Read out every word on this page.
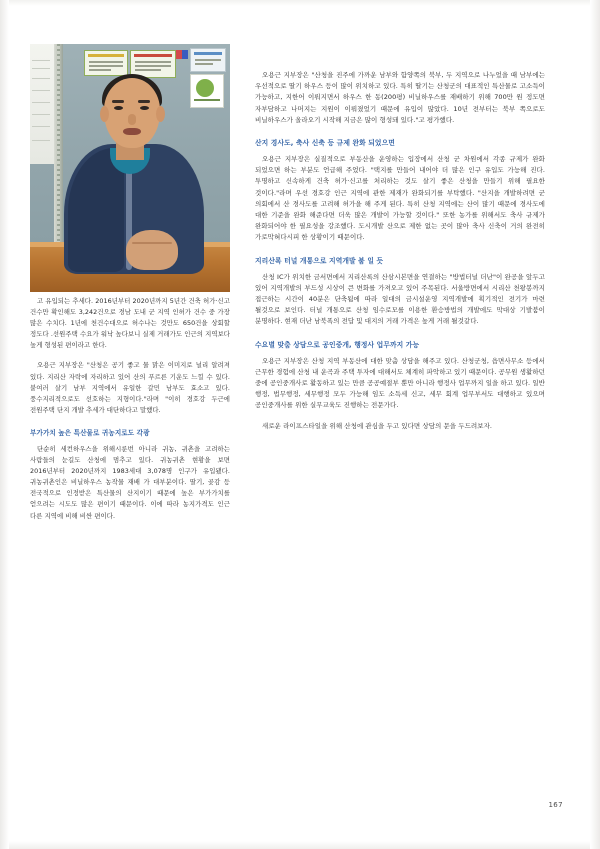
고 유입되는 추세다. 2016년부터 2020년까지 5년간 건축 허가·신고 건수만 확인해도 3,242건으로 경남 도내 군 지역 인허가 건수 중 가장 많은 수치다. 1년에 천건수대으로 허수나는 것만도 650건을 상회할 정도다 .선원주택 수요가 워낙 높다보니 실제 거래가도 인근의 지역보다 높게 형성된 편이라고 한다.

오용근 지부장은 "산청은 공기 좋고 물 맑은 이미지로 널리 알려져 있다. 지리산 자락에 자리하고 있어 산의 푸르른 기운도 느낄 수 있다. 붙여러 살기 남부 지역에서 유일한 갈민 남부도 효소고 있다. 풍수지리적으로도 선호하는 지형이다."라며 "이히 경호강 두근에 전원주택 단지 개발 추세가 대단하다고 말했다.

부가가치 높은 특산물로 귀농지로도 각광

단순히 세컨하우스을 위해시룬번 아니라 귀농, 귀촌을 고려하는 사람들의 눈길도 산청에 멈추고 있다. 귀농귀촌 현황을 보면 2016년부터 2020년까지 1983세대 3,078명 인구가 유입됐다. 귀농귀촌인은 비닐하우스 농작물 재배 가 대부분이다. 딸기, 곶감 등 전국적으로 인정받은 특산물의 산지이기 때문에 높은 부가가치를 얻으려는 시도도 많은 편이기 때문이다. 이에 따라 농지가격도 인근 다른 지역에 비해 비싼 편이다.

오용근 지부장은 "산청을 진주에 가까운 남부와 함양쪽의 북부, 두 지역으로 나누었을 때 남부에는 우선적으로 딸기 하우스 등이 많이 위치하고 있다. 특히 딸기는 산청군의 대표적인 특산물로 고소득이 가능하고, 지한어 이뤄지면서 하우스 한 동(200평) 비닐하우스를 재배하기 위해 700만 원 정도면 자부담하고 나머지는 지원이 이뤄졌었기 때문에 유입이 많았다. 10년 전부터는 북부 쪽으로도 비닐하우스가 올라오기 시작해 지금은 많이 형성돼 있다."고 평가했다.

산지 경사도, 축사 신축 등 규제 완화 되었으면

오용근 지부장은 실질적으로 부동산을 운영하는 입장에서 산청 군 차원에서 각종 규제가 완화 되었으면 하는 부분도 언급해 주었다. "택지를 만들어 내어야 더 많은 인구 유입도 가능해 진다. 투명하고 신속하게 건축 허가·신고를 처리하는 것도 살기 좋은 산청을 만들기 위해 필요한 것이다."라며 우선 경호강 인근 지역에 관한 제재가 완화되기를 부탁했다. "산지을 개발하려면 군 의회에서 산 경사도를 고려해 허가을 해 주게 된다. 특히 산청 지역에는 산이 많기 때문에 경사도에 대한 기준을 완화 해준다면 더욱 많은 개발이 가능할 것이다." 또한 농가를 위해서도 축사 규제가 완화되어야 한 필요성을 강조했다. 도시개발 산으로 제한 없는 곳이 많아 축사 신축이 거의 완전히 가로막혀다시피 한 상황이기 때문이다.

지리산록 터널 개통으로 지역개발 붐 일 듯

산청 IC가 위치한 금서면에서 지리산록의 산삼시본면을 연결하는 "방법터널 더난"이 완공을 앞두고 있어 지역개발의 부드성 시상이 큰 변화를 가져오고 있어 주목된다. 서울방면에서 시리산 천왕봉까지 접근하는 시간이 40분은 단축됨에 따라 일대의 금시설운영 지역개발에 획기적인 전기가 마련 될것으로 보인다. 터널 개통으로 산청 임수로모를 이용한 환승방법의 개발에도 막대상 기발붐이 분명하다. 현재 더난 남북폭의 전답 및 대지의 거래 가격은 높게 거래 될것같다.

수요별 맞춤 상담으로 공인중개, 행정사 업무까지 가능

오용근 지부장은 산청 지역 부동산에 대한 맞춤 상담을 해주고 있다. 산청군청, 읍면사무소 등에서 근무한 경험에 산청 내 운곡과 주택 투자에 대해서도 체계히 파악하고 있기 때문이다. 공무원 생활하던 중에 공인중개사로 활동하고 있는 만큼 공공예절부 뿐만 아니라 행정사 업무까지 일을 하고 있다. 일반 행정, 법무행정, 세무행정 모두 가능해 임도 소득세 신고, 세무 회계 업무부서도 대행하고 있으며 공인중개사를 위한 실무교육도 진행하는 전문가다.

새로운 라이프스타일을 위해 산청에 관심을 두고 있다면 상담의 문을 두드려보자.

167
